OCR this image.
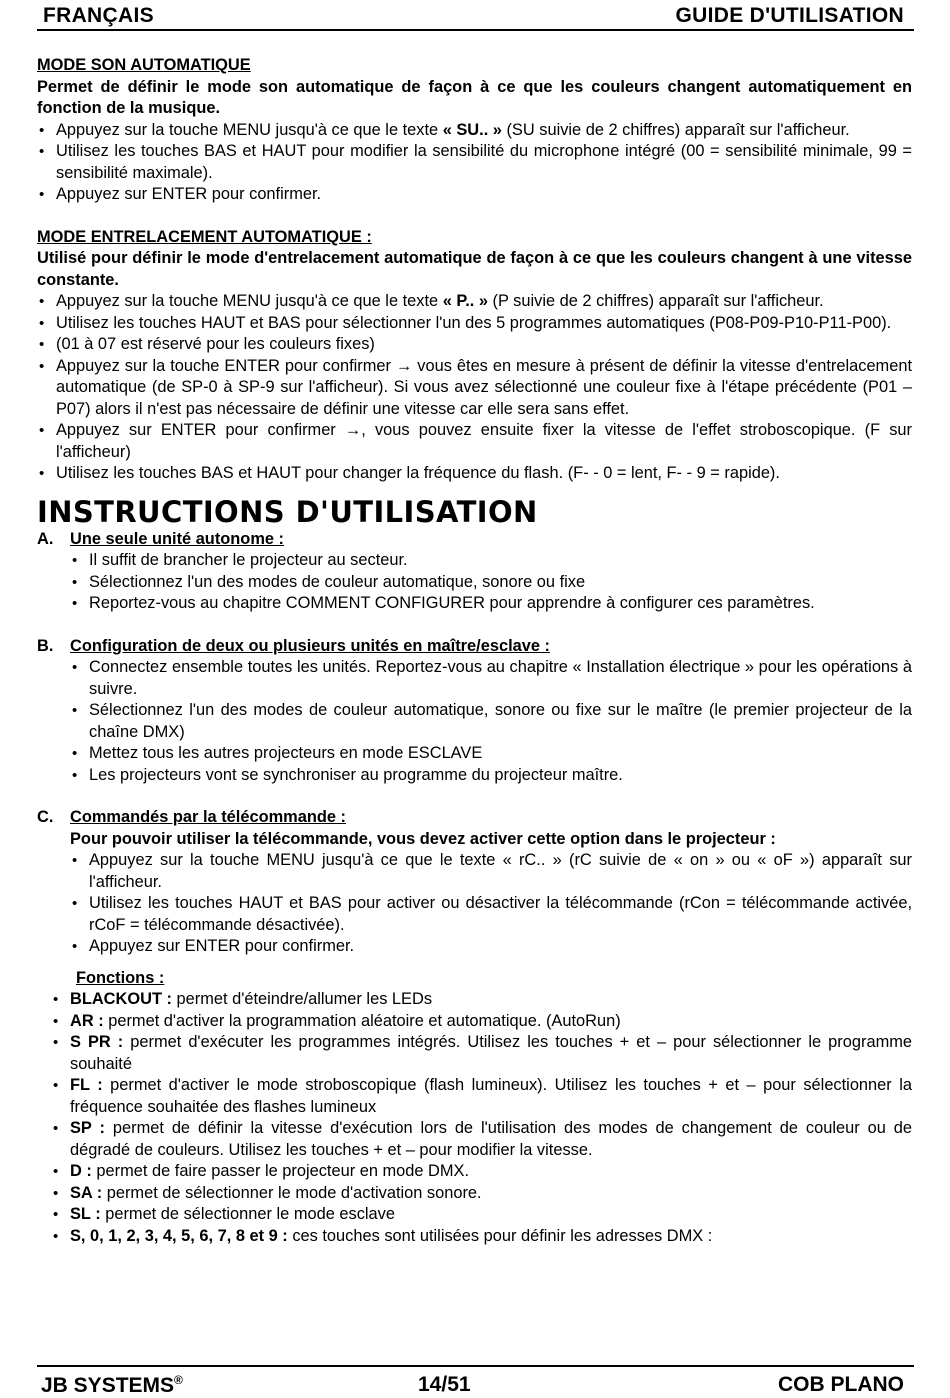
FRANÇAIS	GUIDE D'UTILISATION

MODE SON AUTOMATIQUE

Permet de définir le mode son automatique de façon à ce que les couleurs changent automatiquement en fonction de la musique.

• Appuyez sur la touche MENU jusqu'à ce que le texte « SU.. » (SU suivie de 2 chiffres) apparaît sur l'afficheur.
• Utilisez les touches BAS et HAUT pour modifier la sensibilité du microphone intégré (00 = sensibilité minimale, 99 = sensibilité maximale).
• Appuyez sur ENTER pour confirmer.

MODE ENTRELACEMENT AUTOMATIQUE :

Utilisé pour définir le mode d'entrelacement automatique de façon à ce que les couleurs changent à une vitesse constante.

• Appuyez sur la touche MENU jusqu'à ce que le texte « P.. » (P suivie de 2 chiffres) apparaît sur l'afficheur.
• Utilisez les touches HAUT et BAS pour sélectionner l'un des 5 programmes automatiques (P08-P09-P10-P11-P00).
• (01 à 07 est réservé pour les couleurs fixes)
• Appuyez sur la touche ENTER pour confirmer → vous êtes en mesure à présent de définir la vitesse d'entrelacement automatique (de SP-0 à SP-9 sur l'afficheur). Si vous avez sélectionné une couleur fixe à l'étape précédente (P01 – P07) alors il n'est pas nécessaire de définir une vitesse car elle sera sans effet.
• Appuyez sur ENTER pour confirmer →, vous pouvez ensuite fixer la vitesse de l'effet stroboscopique. (F sur l'afficheur)
• Utilisez les touches BAS et HAUT pour changer la fréquence du flash. (F- - 0 = lent, F- - 9 = rapide).
INSTRUCTIONS D'UTILISATION
A. Une seule unité autonome :

• Il suffit de brancher le projecteur au secteur.
• Sélectionnez l'un des modes de couleur automatique, sonore ou fixe
• Reportez-vous au chapitre COMMENT CONFIGURER pour apprendre à configurer ces paramètres.
B. Configuration de deux ou plusieurs unités en maître/esclave :

• Connectez ensemble toutes les unités. Reportez-vous au chapitre « Installation électrique » pour les opérations à suivre.
• Sélectionnez l'un des modes de couleur automatique, sonore ou fixe sur le maître (le premier projecteur de la chaîne DMX)
• Mettez tous les autres projecteurs en mode ESCLAVE
• Les projecteurs vont se synchroniser au programme du projecteur maître.
C. Commandés par la télécommande :

Pour pouvoir utiliser la télécommande, vous devez activer cette option dans le projecteur :

• Appuyez sur la touche MENU jusqu'à ce que le texte « rC.. » (rC suivie de « on » ou « oF ») apparaît sur l'afficheur.
• Utilisez les touches HAUT et BAS pour activer ou désactiver la télécommande (rCon = télécommande activée, rCoF = télécommande désactivée).
• Appuyez sur ENTER pour confirmer.

Fonctions :

• BLACKOUT : permet d'éteindre/allumer les LEDs
• AR : permet d'activer la programmation aléatoire et automatique. (AutoRun)
• S PR : permet d'exécuter les programmes intégrés. Utilisez les touches + et – pour sélectionner le programme souhaité
• FL : permet d'activer le mode stroboscopique (flash lumineux). Utilisez les touches + et – pour sélectionner la fréquence souhaitée des flashes lumineux
• SP : permet de définir la vitesse d'exécution lors de l'utilisation des modes de changement de couleur ou de dégradé de couleurs. Utilisez les touches + et – pour modifier la vitesse.
• D : permet de faire passer le projecteur en mode DMX.
• SA : permet de sélectionner le mode d'activation sonore.
• SL : permet de sélectionner le mode esclave
• S, 0, 1, 2, 3, 4, 5, 6, 7, 8 et 9 : ces touches sont utilisées pour définir les adresses DMX :
JB SYSTEMS®	14/51	COB PLANO
